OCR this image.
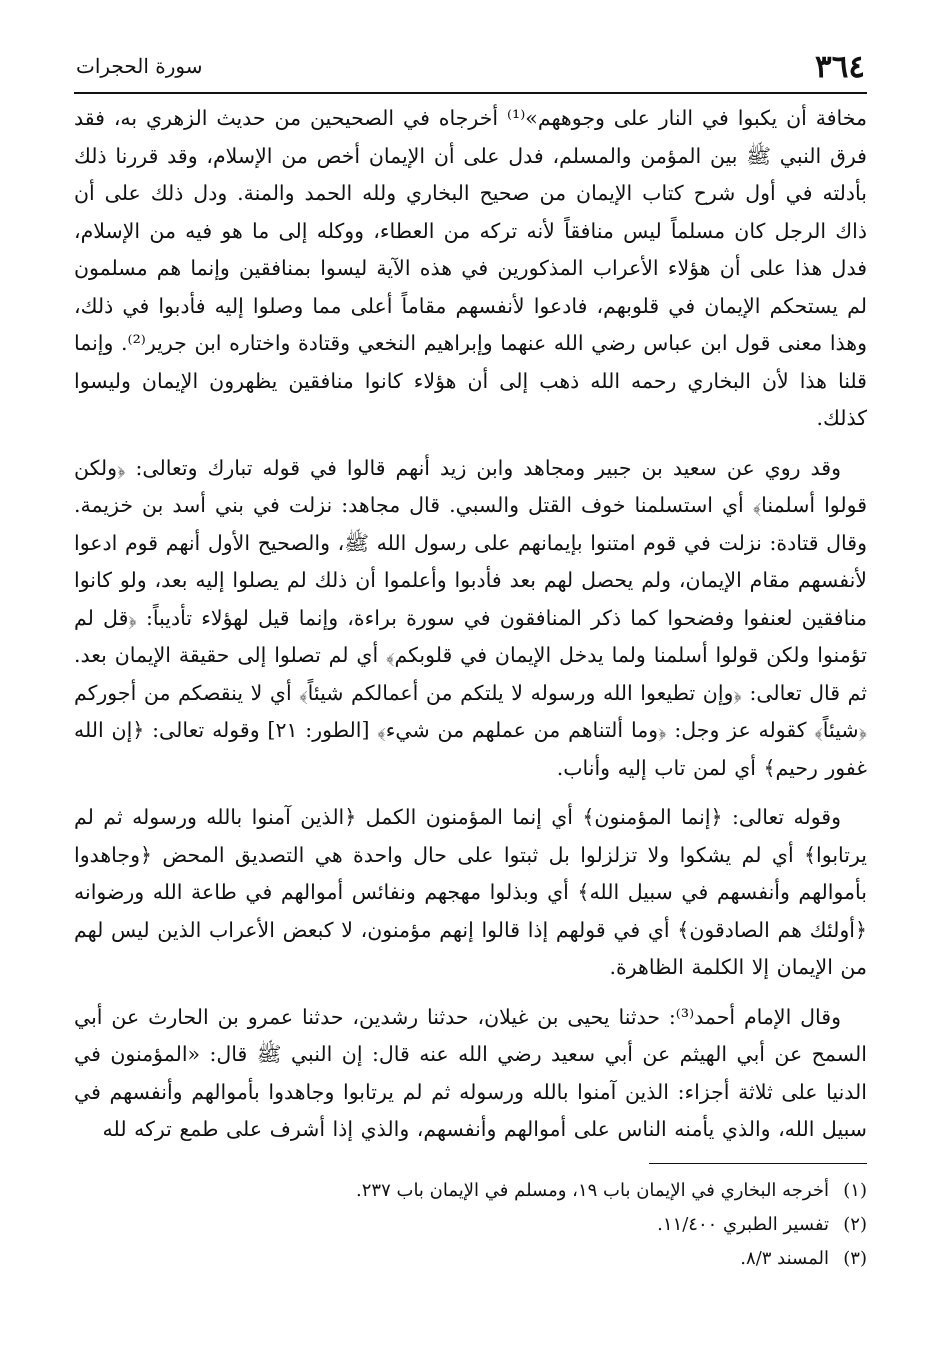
٣٦٤
سورة الحجرات

مخافة أن يكبوا في النار على وجوههم»⁽¹⁾ أخرجاه في الصحيحين من حديث الزهري به، فقد فرق النبي ﷺ بين المؤمن والمسلم، فدل على أن الإيمان أخص من الإسلام، وقد قررنا ذلك بأدلته في أول شرح كتاب الإيمان من صحيح البخاري ولله الحمد والمنة. ودل ذلك على أن ذاك الرجل كان مسلماً ليس منافقاً لأنه تركه من العطاء، ووكله إلى ما هو فيه من الإسلام، فدل هذا على أن هؤلاء الأعراب المذكورين في هذه الآية ليسوا بمنافقين وإنما هم مسلمون لم يستحكم الإيمان في قلوبهم، فادعوا لأنفسهم مقاماً أعلى مما وصلوا إليه فأدبوا في ذلك، وهذا معنى قول ابن عباس رضي الله عنهما وإبراهيم النخعي وقتادة واختاره ابن جرير⁽²⁾. وإنما قلنا هذا لأن البخاري رحمه الله ذهب إلى أن هؤلاء كانوا منافقين يظهرون الإيمان وليسوا كذلك.

وقد روي عن سعيد بن جبير ومجاهد وابن زيد أنهم قالوا في قوله تبارك وتعالى: ﴿ولكن قولوا أسلمنا﴾ أي استسلمنا خوف القتل والسبي. قال مجاهد: نزلت في بني أسد بن خزيمة. وقال قتادة: نزلت في قوم امتنوا بإيمانهم على رسول الله ﷺ، والصحيح الأول أنهم قوم ادعوا لأنفسهم مقام الإيمان، ولم يحصل لهم بعد فأدبوا وأعلموا أن ذلك لم يصلوا إليه بعد، ولو كانوا منافقين لعنفوا وفضحوا كما ذكر المنافقون في سورة براءة، وإنما قيل لهؤلاء تأديباً: ﴿قل لم تؤمنوا ولكن قولوا أسلمنا ولما يدخل الإيمان في قلوبكم﴾ أي لم تصلوا إلى حقيقة الإيمان بعد. ثم قال تعالى: ﴿وإن تطيعوا الله ورسوله لا يلتكم من أعمالكم شيئاً﴾ أي لا ينقصكم من أجوركم ﴿شيئاً﴾ كقوله عز وجل: ﴿وما ألتناهم من عملهم من شيء﴾ [الطور: ٢١] وقوله تعالى: ﴿إن الله غفور رحيم﴾ أي لمن تاب إليه وأناب.

وقوله تعالى: ﴿إنما المؤمنون﴾ أي إنما المؤمنون الكمل ﴿الذين آمنوا بالله ورسوله ثم لم يرتابوا﴾ أي لم يشكوا ولا تزلزلوا بل ثبتوا على حال واحدة هي التصديق المحض ﴿وجاهدوا بأموالهم وأنفسهم في سبيل الله﴾ أي وبذلوا مهجهم ونفائس أموالهم في طاعة الله ورضوانه ﴿أولئك هم الصادقون﴾ أي في قولهم إذا قالوا إنهم مؤمنون، لا كبعض الأعراب الذين ليس لهم من الإيمان إلا الكلمة الظاهرة.

وقال الإمام أحمد⁽³⁾: حدثنا يحيى بن غيلان، حدثنا رشدين، حدثنا عمرو بن الحارث عن أبي السمح عن أبي الهيثم عن أبي سعيد رضي الله عنه قال: إن النبي ﷺ قال: «المؤمنون في الدنيا على ثلاثة أجزاء: الذين آمنوا بالله ورسوله ثم لم يرتابوا وجاهدوا بأموالهم وأنفسهم في سبيل الله، والذي يأمنه الناس على أموالهم وأنفسهم، والذي إذا أشرف على طمع تركه لله

(١)
أخرجه البخاري في الإيمان باب ١٩، ومسلم في الإيمان باب ٢٣٧.
(٢)
تفسير الطبري ١١/٤٠٠.
(٣)
المسند ٨/٣.
